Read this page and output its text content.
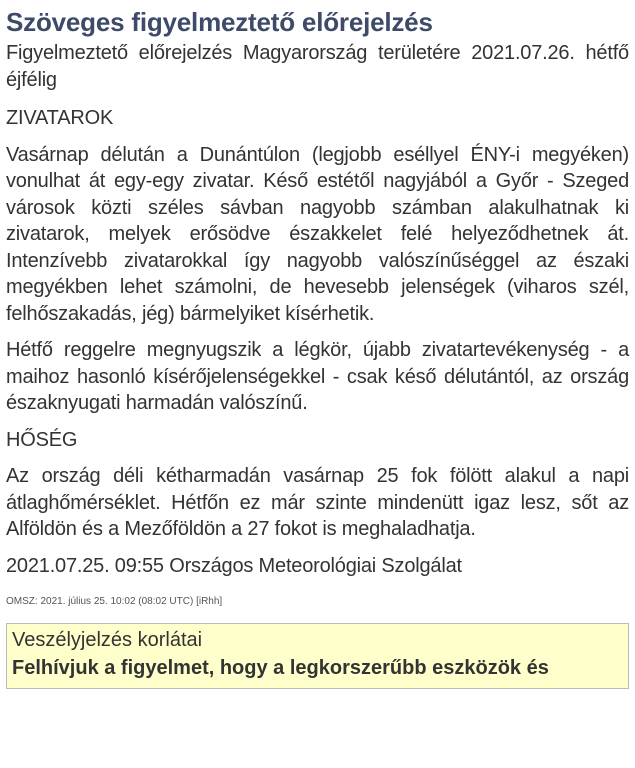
Szöveges figyelmeztető előrejelzés

Figyelmeztető előrejelzés Magyarország területére 2021.07.26. hétfő éjfélig

ZIVATAROK

Vasárnap délután a Dunántúlon (legjobb eséllyel ÉNY-i megyéken) vonulhat át egy-egy zivatar. Késő estétől nagyjából a Győr - Szeged városok közti széles sávban nagyobb számban alakulhatnak ki zivatarok, melyek erősödve északkelet felé helyeződhetnek át. Intenzívebb zivatarokkal így nagyobb valószínűséggel az északi megyékben lehet számolni, de hevesebb jelenségek (viharos szél, felhőszakadás, jég) bármelyiket kísérhetik.

Hétfő reggelre megnyugszik a légkör, újabb zivatartevékenység - a maihoz hasonló kísérőjelenségekkel - csak késő délutántól, az ország északnyugati harmadán valószínű.

HŐSÉG

Az ország déli kétharmadán vasárnap 25 fok fölött alakul a napi átlaghőmérséklet. Hétfőn ez már szinte mindenütt igaz lesz, sőt az Alföldön és a Mezőföldön a 27 fokot is meghaladhatja.

2021.07.25. 09:55 Országos Meteorológiai Szolgálat

OMSZ: 2021. július 25. 10:02 (08:02 UTC) [iRhh]
Veszélyjelzés korlátai
Felhívjuk a figyelmet, hogy a legkorszerűbb eszközök és
